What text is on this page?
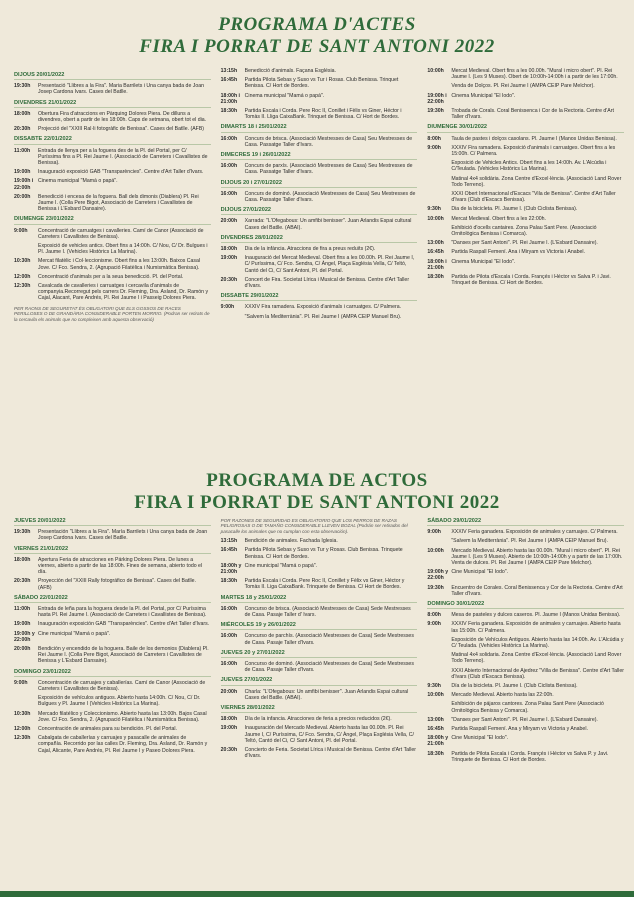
PROGRAMA D'ACTES
FIRA I PORRAT DE SANT ANTONI 2022
DIJOUS 20/01/2022
19:30h	Presentació "Llibres a la Fira". Maria Barrilets i Una canya bada de Joan Josep Cardona Ivars. Cases del Batlle.
DIVENDRES 21/01/2022
18:00h	Obertura Fira d'atraccions en Pàrquing Dolores Piera. De dilluns a divendres, obert a partir de les 18:00h. Caps de setmana, obert tot el dia.
20:30h	Projecció del "XXIII Ral·li fotogràfic de Benissa". Cases del Batlle. (AFB)
DISSABTE 22/01/2022
11:00h	Entrada de llenya per a la foguera des de la Pl. del Portal, per C/ Puríssima fins a Pl. Rei Jaume I. (Associació de Carreters i Cavallistes de Benissa).
19:00h	Inauguració exposició GAB "Transparències". Centre d'Art Taller d'Ivars.
19:00h i 22:00h
Cinema municipal "Mamá o papá".
20:00h	Benedicció i encesa de la foguera. Ball dels dimonis (Diablera) Pl. Rei Jaume I. (Colla Pere Bigot, Associació de Carreters i Cavallistes de Benissa i L'Esbard Dansaire).
DIUMENGE 23/01/2022
9:00h	Concentració de carruatges i cavalleries. Camí de Canor (Associació de Carreters i Cavallistes de Benissa).
Exposició de vehicles antics. Obert fins a 14:00h. C/ Nou, C/ Dr. Bulgues i Pl. Jaume I. (Vehicles Històrics La Marina).
10:30h	Mercat filatèlic i Col·leccionisme. Obert fins a les 13:00h. Baixos Casal Jove. C/ Fco. Sendra, 2. (Agrupació Filatèlica i Numismàtica Benissa).
12:00h	Concentració d'animals per a la seua benedicció. Pl. del Portal.
12:30h	Cavalcada de cavalleries i carruatges i cercavila d'animals de companyia.Recorregut pels carrers Dr. Fleming, Dra. Asland, Dr. Ramón y Cajal, Alacant, Pare Andrés, Pl. Rei Jaume I i Passeig Dolores Piera.
PER RAONS DE SEGURETAT ÉS OBLIGATORI QUE ELS GOSSOS DE RACES PERILLOSES O DE GRANDÀRIA CONSIDERABLE PORTEN MORRIO. (Podran ser retirats de la cercavila els animals que no compleixen amb aquesta observació)
13:15h	Benedicció d'animals. Façana Església.
16:45h	Partida Pilota Sebas y Suso vs Tur i Rosas. Club Benissa. Trinquet Benissa. C/ Hort de Bordes.
18:00h i 21:00h
Cinema municipal "Mamá o papá".
18:30h	Partida Escala i Corda. Pere Roc II, Conillet i Fèlix vs Giner, Héctor i Tomàs II. Lliga CaixaBank. Trinquet de Benissa. C/ Hort de Bordes.
DIMARTS 18 i 25/01/2022
16:00h	Concurs de brisca. (Associació Mestresses de Casa) Seu Mestresses de Casa. Passatge Taller d'Ivars.
DIMECRES 19 i 26/01/2022
16:00h	Concurs de parxís. (Associació Mestresses de Casa) Seu Mestresses de Casa. Passatge Taller d'Ivars.
DIJOUS 20 i 27/01/2022
16:00h	Concurs de dominó. (Associació Mestresses de Casa) Seu Mestresses de Casa. Passatge Taller d'Ivars.
DIJOUS 27/01/2022
20:00h	Xarrada: "L'Ofegabous: Un amfibi benisser". Juan Arlandis Espai cultural Cases del Batlle. (ABAI).
DIVENDRES 28/01/2022
18:00h	Dia de la infància. Atraccions de fira a preus reduïts (2€).
19:00h	Inauguració del Mercat Medieval. Obert fins a les 00.00h. Pl. Rei Jaume I, C/ Puríssima, C/ Fco. Sendra, C/ Àngel, Plaça Església Vella, C/ Teltó, Cantó del Ci, C/ Sant Antoni, Pl. del Portal.
20:30h	Concert de Fira. Societat Lírica i Musical de Benissa. Centre d'Art Taller d'Ivars.
DISSABTE 29/01/2022
9:00h	XXXIV Fira ramadera. Exposició d'animals i carruatges. C/ Palmera.
"Salvem la Mediterrània". Pl. Rei Jaume I (AMPA CEIP Manuel Bru).
10:00h	Mercat Medieval. Obert fins a les 00.00h. "Mural i micro obert". Pl. Rei Jaume I. (Les 9 Muses). Obert de 10:00h-14:00h i a partir de les 17:00h.
Venda de Dolços. Pl. Rei Jaume I (AMPA CEIP Pare Melchor).
19:00h i 22:00h
Cinema Municipal "El Iodo".
19:30h	Trobada de Corals. Coral Benissenca i Cor de la Rectoria. Centre d'Art Taller d'Ivars.
DIUMENGE 30/01/2022
8:00h	Taula de pastes i dolços casolans. Pl. Jaume I (Manos Unidas Benissa).
9:00h	XXXIV Fira ramadera. Exposició d'animals i carruatges. Obert fins a les 15:00h. C/ Palmera.
Exposició de Vehicles Antics. Obert fins a les 14:00h. Av. L'Alcúdia i C/Teulada. (Vehicles Històrics La Marina).
Matinal 4x4 solidària. Zona Centre d'Excel·lència. (Associació Land Rover Todo Terreno).
XXXI Obert Internacional d'Escacs "Vila de Benissa". Centre d'Art Taller d'Ivars (Club d'Escacs Benissa).
9:30h	Dia de la bicicleta. Pl. Jaume I. (Club Ciclista Benissa).
10:00h	Mercat Medieval. Obert fins a les 22:00h.
Exhibició d'ocells cantaires. Zona Palau Sant Pere. (Associació Ornitològica Benissa i Comarca).
13:00h	"Danses per Sant Antoni". Pl. Rei Jaume I. (L'Esbard Dansaire).
16:45h	Partida Raspall Femení. Ana i Miryam vs Victoria i Anabel.
18:00h i 21:00h
Cinema Municipal "El Iodo".
18:30h	Partida de Pilota d'Escala i Corda. Françés i Héctor vs Salva P. i Javi. Trinquet de Benissa. C/ Hort de Bordes.
PROGRAMA DE ACTOS
FIRA I PORRAT DE SANT ANTONI 2022
JUEVES 20/01/2022
19:30h	Presentación "Llibres a la Fira". María Barrilets i Una canya bada de Joan Josep Cardona Ivars. Cases del Batlle.
VIERNES 21/01/2022
18:00h	Apertura Feria de atracciones en Párking Dolores Piera. De lunes a viernes, abierto a partir de las 18:00h. Fines de semana, abierto todo el día.
20:30h	Proyección del "XXIII Rally fotográfico de Benissa". Cases del Batlle. (AFB)
SÁBADO 22/01/2022
11:00h	Entrada de leña para la hoguera desde la Pl. del Portal, por C/ Puríssima hasta Pl. Rei Jaume I. (Associació de Carreters i Cavallistes de Benissa).
19:00h	Inauguración exposición GAB "Transparències". Centre d'Art Taller d'Ivars.
19:00h y 22:00h
Cine municipal "Mamá o papá".
20:00h	Bendición y encendido de la hoguera. Baile de los demonios (Diablera) Pl. Rei Jaume I. (Colla Pere Bigot, Associació de Carreters i Cavallistes de Benissa y L'Esbard Dansaire).
DOMINGO 23/01/2022
9:00h	Concentración de carruajes y caballerías. Camí de Canor (Associació de Carreters i Cavallistes de Benissa).
Exposición de vehículos antiguos. Abierto hasta 14:00h. C/ Nou, C/ Dr. Bulgues y Pl. Jaume I (Vehicles Històrics La Marina).
10:30h	Mercado filatélico y Coleccionismo. Abierto hasta las 13:00h. Bajos Casal Jove. C/ Fco. Sendra, 2. (Agrupació Filatèlica i Numismàtica Benissa).
12:00h	Concentración de animales para su bendición. Pl. del Portal.
12:30h	Cabalgata de caballerías y carruajes y pasacalle de animales de compañía. Recorrido por las calles Dr. Fleming, Dra. Asland, Dr. Ramón y Cajal, Alicante, Pare Andrés, Pl. Rei Jaume I y Paseo Dolores Piera.
POR RAZONES DE SEGURIDAD ES OBLIGATORIO QUE LOS PERROS DE RAZAS PELIGROSAS O DE TAMAÑO CONSIDERABLE LLEVEN BOZAL (Podrán ser retirados del pasacalle los animales que no cumplan con esta observación).
13:15h	Bendición de animales. Fachada Iglesia.
16:45h	Partida Pilota Sebas y Suso vs Tur y Rosas. Club Benissa. Trinquete Benissa. C/ Hort de Bordes.
18:00h y 21:00h
Cine municipal "Mamá o papá".
18:30h	Partida Escala i Corda. Pere Roc II, Conillet y Fèlix vs Giner, Héctor y Tomàs II. Liga CaixaBank. Trinquete de Benissa. C/ Hort de Bordes.
MARTES 18 y 25/01/2022
16:00h	Concurso de brisca. (Associació Mestresses de Casa) Sede Mestresses de Casa. Pasaje Taller d' Ivars.
MIÉRCOLES 19 y 26/01/2022
16:00h	Concurso de parchís. (Associació Mestresses de Casa) Sede Mestresses de Casa. Pasaje Taller d'Ivars.
JUEVES 20 y 27/01/2022
16:00h	Concurso de dominó. (Associació Mestresses de Casa) Sede Mestresses de Casa. Pasaje Taller d'Ivars.
JUEVES 27/01/2022
20:00h	Charla: "L'Ofegabous: Un amfibi benisser". Juan Arlandis Espai cultural Cases del Batlle. (ABAI).
VIERNES 28/01/2022
18:00h	Día de la infancia. Atracciones de feria a precios reducidos (2€).
19:00h	Inauguración del Mercado Medieval. Abierto hasta las 00.00h. Pl. Rei Jaume I, C/ Puríssima, C/ Fco. Sendra, C/ Àngel, Plaça Església Vella, C/ Teltó, Cantó del Ci, C/ Sant Antoni, Pl. del Portal.
20:30h	Concierto de Feria. Societat Lírica i Musical de Benissa. Centre d'Art Taller d'Ivars.
SÁBADO 29/01/2022
9:00h	XXXIV Feria ganadera. Exposición de animales y carruajes. C/ Palmera.
"Salvem la Mediterrània". Pl. Rei Jaume I (AMPA CEIP Manuel Bru).
10:00h	Mercado Medieval. Abierto hasta las 00.00h. "Mural i micro obert". Pl. Rei Jaume I. (Les 9 Muses). Abierto de 10:00h-14:00h y a partir de las 17:00h. Venta de dulces. Pl. Rei Jaume I (AMPA CEIP Pare Melchor).
19:00h y 22:00h
Cine Municipal "El Iodo".
19:30h	Encuentro de Corales. Coral Benissenca y Cor de la Rectoria. Centre d'Art Taller d'Ivars.
DOMINGO 30/01/2022
8:00h	Mesa de pasteles y dulces caseros. Pl. Jaume I (Manos Unidas Benissa).
9:00h	XXXIV Feria ganadera. Exposición de animales y carruajes. Abierto hasta las 15:00h. C/ Palmera.
Exposición de Vehículos Antiguos. Abierto hasta las 14:00h. Av. L'Alcúdia y C/ Teulada. (Vehicles Històrics La Marina).
Matinal 4x4 solidaria. Zona Centre d'Excel·lència. (Associació Land Rover Todo Terreno).
XXXI Abierto Internacional de Ajedrez "Villa de Benissa". Centre d'Art Taller d'Ivars (Club d'Escacs Benissa).
9:30h	Día de la bicicleta. Pl. Jaume I. (Club Ciclista Benissa).
10:00h	Mercado Medieval. Abierto hasta las 22:00h.
Exhibición de pájaros cantores. Zona Palau Sant Pere (Associació Ornitològica Benissa y Comarca).
13:00h	"Danses per Sant Antoni". Pl. Rei Jaume I. (L'Esbard Dansaire).
16:45h	Partida Raspall Femení. Ana y Miryam vs Victoria y Anabel.
18:00h y 21:00h
Cine Municipal "El Iodo".
18:30h	Partida de Pilota Escala i Corda. Françés i Héctor vs Salva P. y Javi. Trinquete de Benissa. C/ Hort de Bordes.
